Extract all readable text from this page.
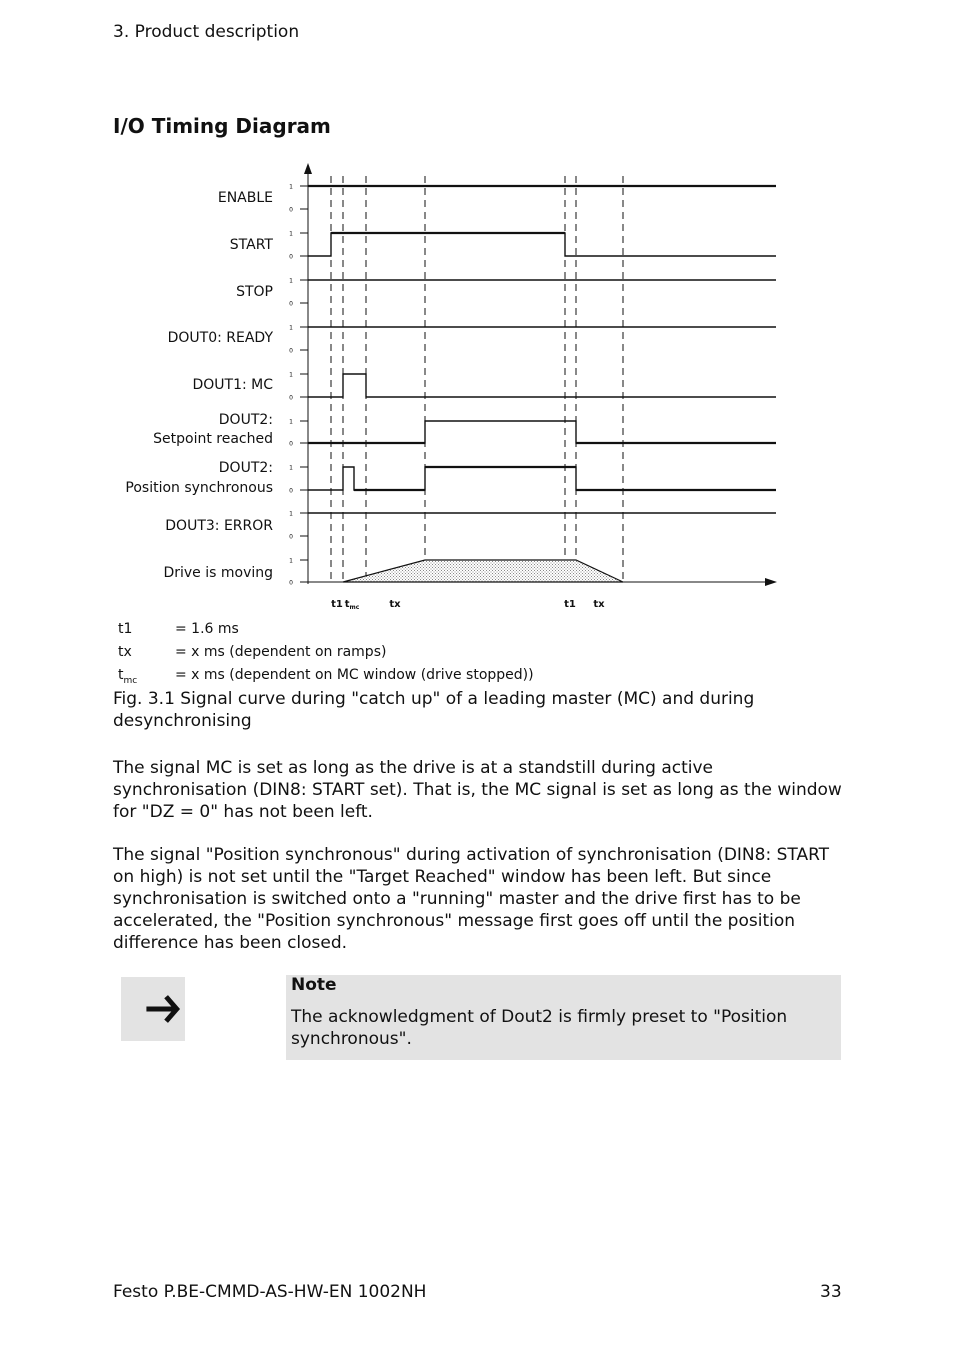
3. Product description
I/O Timing Diagram
ENABLE
START
STOP
DOUT0: READY
DOUT1: MC
DOUT2:
Setpoint reached
DOUT2:
Position synchronous
DOUT3: ERROR
Drive is moving
1
0
1
0
1
0
1
0
1
0
1
0
1
0
1
0
1
0
t1 $t_{mc}$	tx	t1 tx
t1	= 1.6 ms
tx	= x ms (dependent on ramps)
$t_{mc}$	= x ms (dependent on MC window (drive stopped))
Fig. 3.1 Signal curve during "catch up" of a leading master (MC) and during desynchronising
The signal MC is set as long as the drive is at a standstill during active synchronisation (DIN8: START set). That is, the MC signal is set as long as the window for "DZ = 0" has not been left.
The signal "Position synchronous" during activation of synchronisation (DIN8: START on high) is not set until the "Target Reached" window has been left. But since synchronisation is switched onto a "running" master and the drive first has to be accelerated, the "Position synchronous" message first goes off until the position difference has been closed.
Note
The acknowledgment of Dout2 is firmly preset to "Position synchronous".
Festo P.BE-CMMD-AS-HW-EN 1002NH	33
